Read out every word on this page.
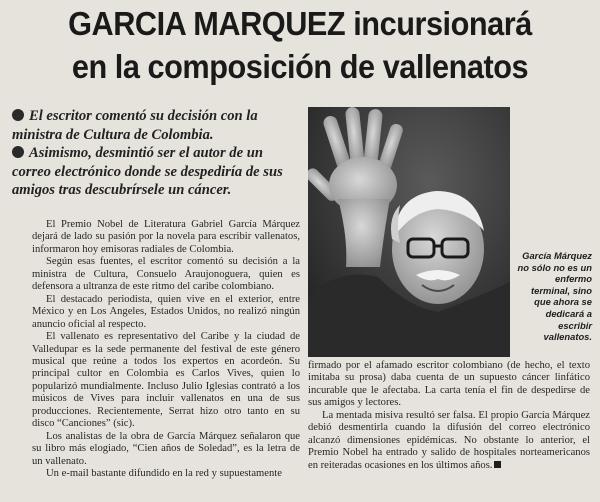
GARCIA MARQUEZ incursionará
en la composición de vallenatos

El escritor comentó su decisión con la ministra de Cultura de Colombia.

Asimismo, desmintió ser el autor de un correo electrónico donde se despediría de sus amigos tras descubrírsele un cáncer.

El Premio Nobel de Literatura Gabriel García Márquez dejará de lado su pasión por la novela para escribir vallenatos, informaron hoy emisoras radiales de Colombia.

Según esas fuentes, el escritor comentó su decisión a la ministra de Cultura, Consuelo Araujonoguera, quien es defensora a ultranza de este ritmo del caribe colombiano.

El destacado periodista, quien vive en el exterior, entre México y en Los Angeles, Estados Unidos, no realizó ningún anuncio oficial al respecto.

El vallenato es representativo del Caribe y la ciudad de Valledupar es la sede permanente del festival de este género musical que reúne a todos los expertos en acordeón. Su principal cultor en Colombia es Carlos Vives, quien lo popularizó mundialmente. Incluso Julio Iglesias contrató a los músicos de Vives para incluir vallenatos en una de sus producciones. Recientemente, Serrat hizo otro tanto en su disco “Canciones” (sic).

Los analistas de la obra de García Márquez señalaron que su libro más elogiado, “Cien años de Soledad”, es la letra de un vallenato.

Un e-mail bastante difundido en la red y supuestamente

García Márquez no sólo no es un enfermo terminal, sino que ahora se dedicará a escribir vallenatos.

firmado por el afamado escritor colombiano (de hecho, el texto imitaba su prosa) daba cuenta de un supuesto cáncer linfático incurable que le afectaba. La carta tenía el fin de despedirse de sus amigos y lectores.

La mentada misiva resultó ser falsa. El propio García Márquez debió desmentirla cuando la difusión del correo electrónico alcanzó dimensiones epidémicas. No obstante lo anterior, el Premio Nobel ha entrado y salido de hospitales norteamericanos en reiteradas ocasiones en los últimos años.
